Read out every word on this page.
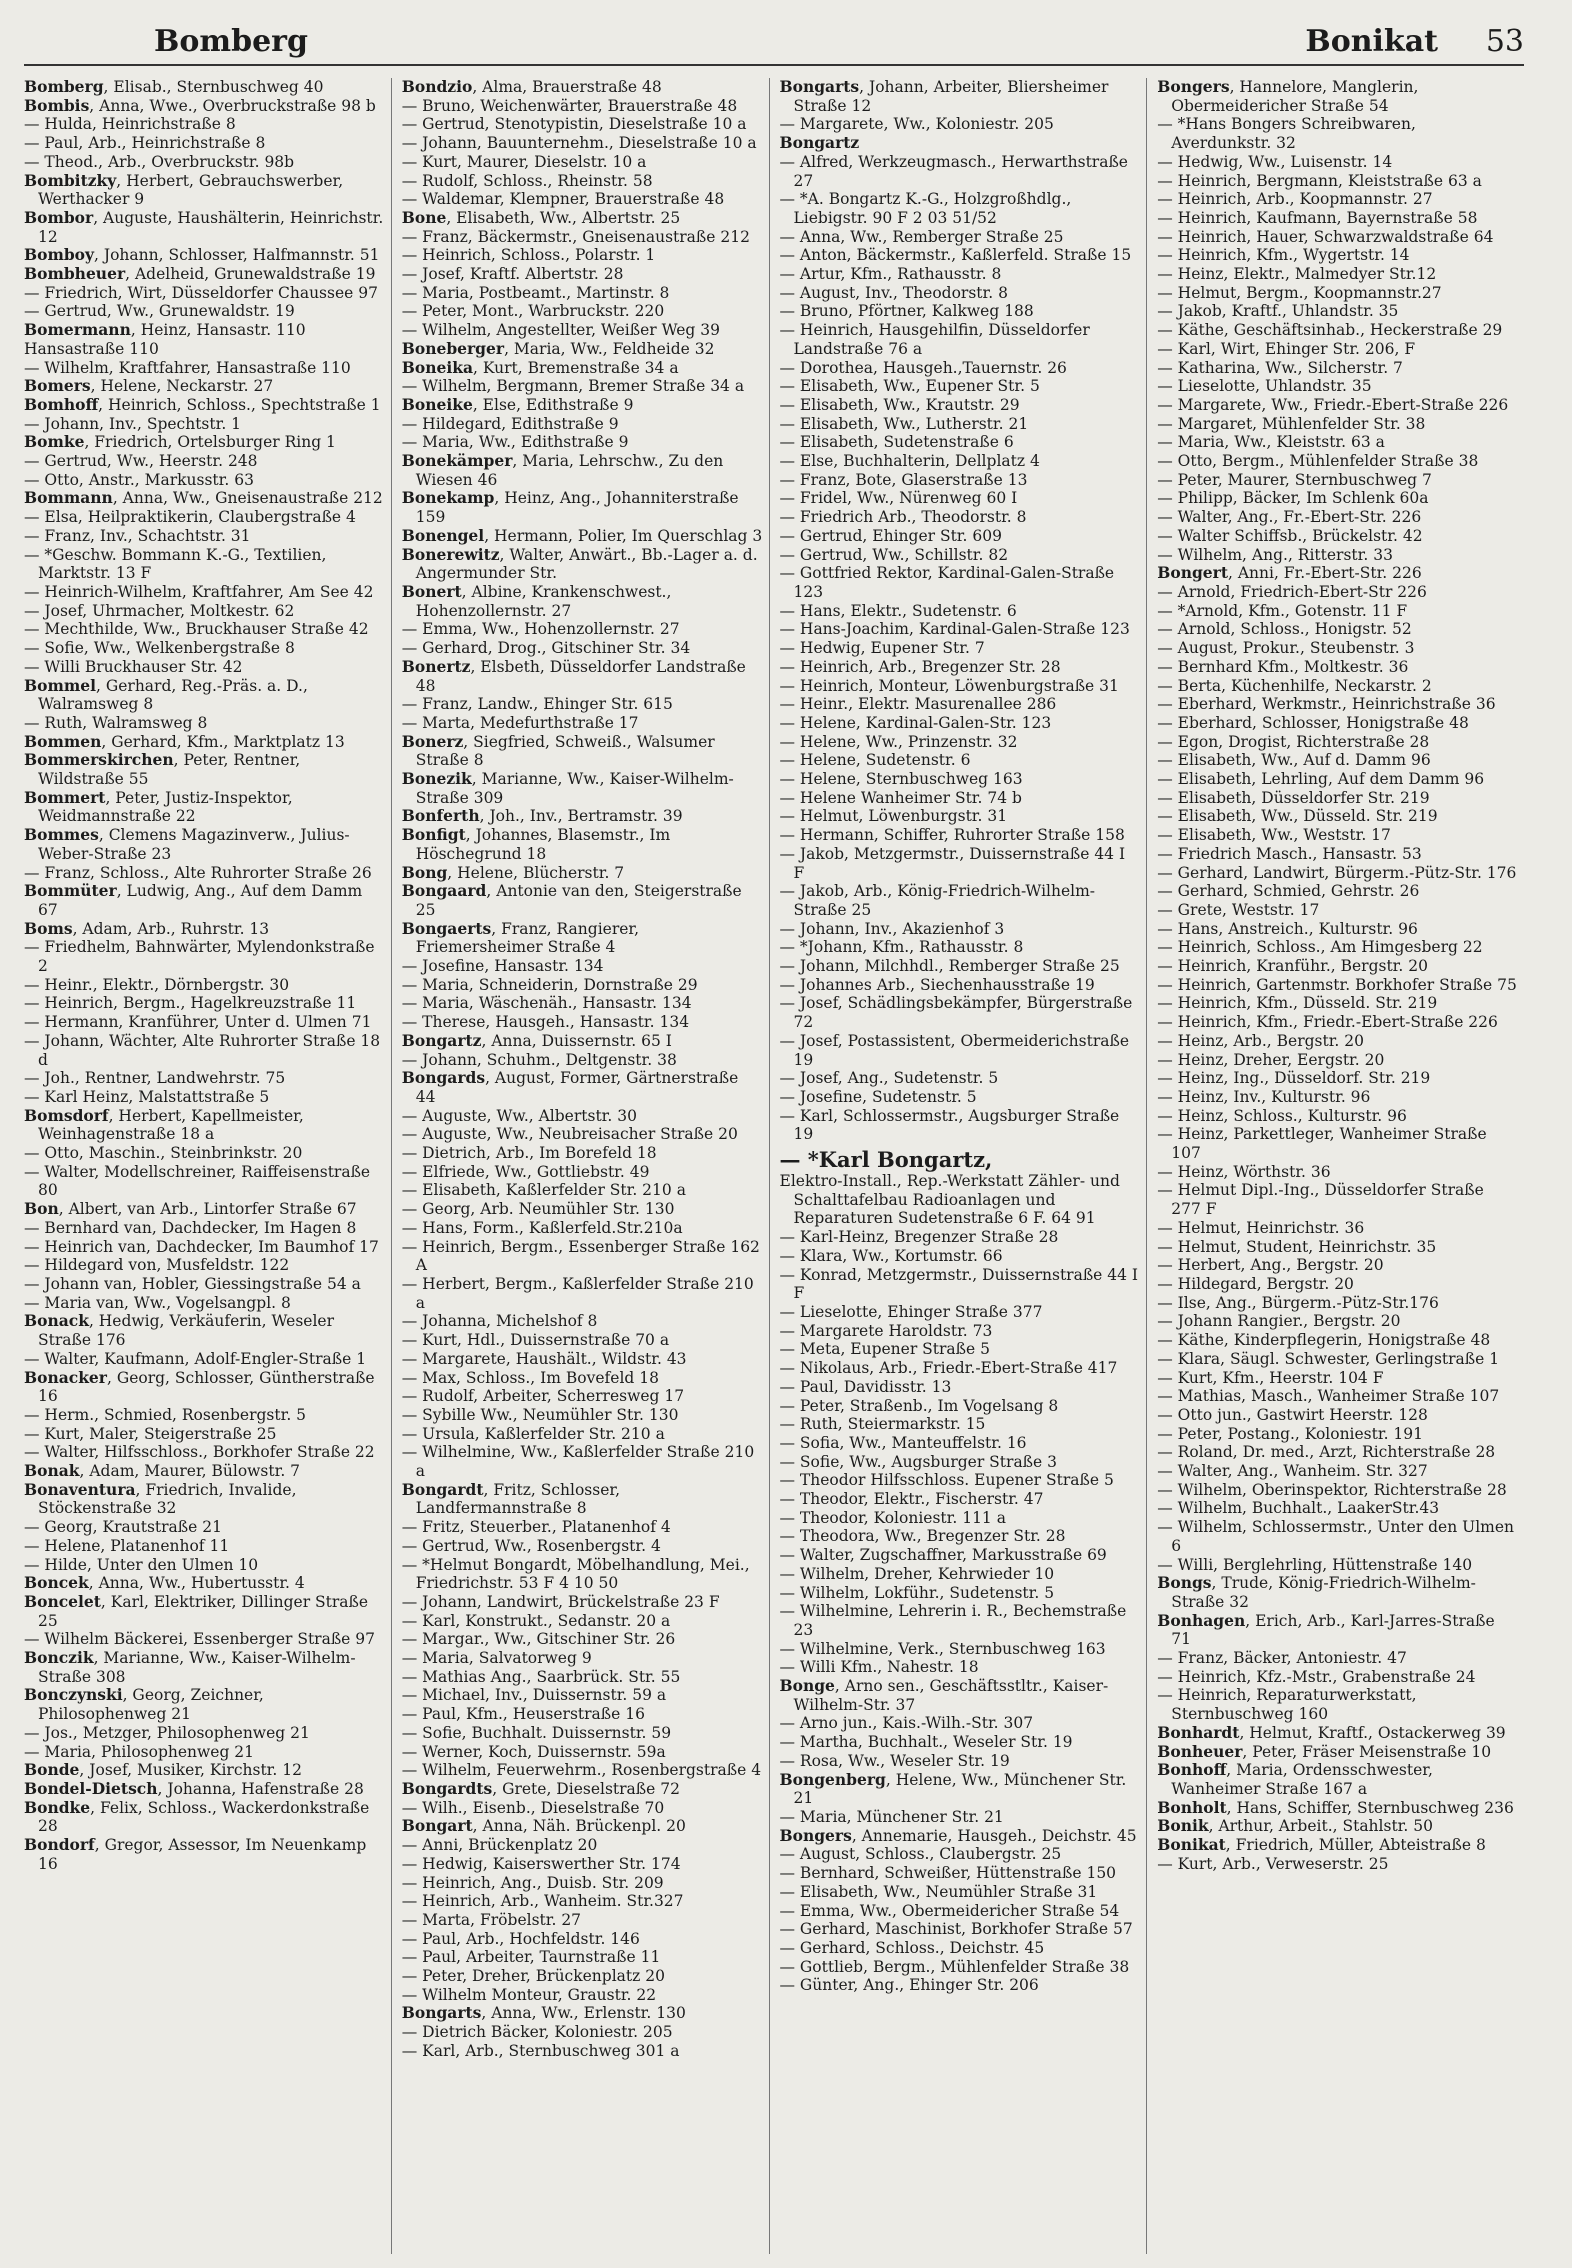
Bomberg	Bonikat 53

Bomberg, Elisab., Sternbuschweg 40

Bombis, Anna, Wwe., Overbruckstraße 98 b

— Hulda, Heinrichstraße 8

— Paul, Arb., Heinrichstraße 8

— Theod., Arb., Overbruckstr. 98b

Bombitzky, Herbert, Gebrauchswerber, Werthacker 9

Bombor, Auguste, Haushälterin, Heinrichstr. 12

Bomboy, Johann, Schlosser, Halfmannstr. 51

Bombheuer, Adelheid, Grunewaldstraße 19

— Friedrich, Wirt, Düsseldorfer Chaussee 97

— Gertrud, Ww., Grunewaldstr. 19

Bomermann, Heinz, Hansastr. 110

Hansastraße 110

— Wilhelm, Kraftfahrer, Hansastraße 110

Bomers, Helene, Neckarstr. 27

Bomhoff, Heinrich, Schloss., Spechtstraße 1

— Johann, Inv., Spechtstr. 1

Bomke, Friedrich, Ortelsburger Ring 1

— Gertrud, Ww., Heerstr. 248

— Otto, Anstr., Markusstr. 63

Bommann, Anna, Ww., Gneisenaustraße 212

— Elsa, Heilpraktikerin, Claubergstraße 4

— Franz, Inv., Schachtstr. 31

— *Geschw. Bommann K.-G., Textilien, Marktstr. 13 F

— Heinrich-Wilhelm, Kraftfahrer, Am See 42

— Josef, Uhrmacher, Moltkestr. 62

— Mechthilde, Ww., Bruckhauser Straße 42

— Sofie, Ww., Welkenbergstraße 8

— Willi Bruckhauser Str. 42

Bommel, Gerhard, Reg.-Präs. a. D., Walramsweg 8

— Ruth, Walramsweg 8

Bommen, Gerhard, Kfm., Marktplatz 13

Bommerskirchen, Peter, Rentner, Wildstraße 55

Bommert, Peter, Justiz-Inspektor, Weidmannstraße 22

Bommes, Clemens Magazinverw., Julius-Weber-Straße 23

— Franz, Schloss., Alte Ruhrorter Straße 26

Bommüter, Ludwig, Ang., Auf dem Damm 67

Boms, Adam, Arb., Ruhrstr. 13

— Friedhelm, Bahnwärter, Mylendonkstraße 2

— Heinr., Elektr., Dörnbergstr. 30

— Heinrich, Bergm., Hagelkreuzstraße 11

— Hermann, Kranführer, Unter d. Ulmen 71

— Johann, Wächter, Alte Ruhrorter Straße 18 d

— Joh., Rentner, Landwehrstr. 75

— Karl Heinz, Malstattstraße 5

Bomsdorf, Herbert, Kapellmeister, Weinhagenstraße 18 a

— Otto, Maschin., Steinbrinkstr. 20

— Walter, Modellschreiner, Raiffeisenstraße 80

Bon, Albert, van Arb., Lintorfer Straße 67

— Bernhard van, Dachdecker, Im Hagen 8

— Heinrich van, Dachdecker, Im Baumhof 17

— Hildegard von, Musfeldstr. 122

— Johann van, Hobler, Giessingstraße 54 a

— Maria van, Ww., Vogelsangpl. 8

Bonack, Hedwig, Verkäuferin, Weseler Straße 176

— Walter, Kaufmann, Adolf-Engler-Straße 1

Bonacker, Georg, Schlosser, Güntherstraße 16

— Herm., Schmied, Rosenbergstr. 5

— Kurt, Maler, Steigerstraße 25

— Walter, Hilfsschloss., Borkhofer Straße 22

Bonak, Adam, Maurer, Bülowstr. 7

Bonaventura, Friedrich, Invalide, Stöckenstraße 32

— Georg, Krautstraße 21

— Helene, Platanenhof 11

— Hilde, Unter den Ulmen 10

Boncek, Anna, Ww., Hubertusstr. 4

Boncelet, Karl, Elektriker, Dillinger Straße 25

— Wilhelm Bäckerei, Essenberger Straße 97

Bonczik, Marianne, Ww., Kaiser-Wilhelm-Straße 308

Bonczynski, Georg, Zeichner, Philosophenweg 21

— Jos., Metzger, Philosophenweg 21

— Maria, Philosophenweg 21

Bonde, Josef, Musiker, Kirchstr. 12

Bondel-Dietsch, Johanna, Hafenstraße 28

Bondke, Felix, Schloss., Wackerdonkstraße 28

Bondorf, Gregor, Assessor, Im Neuenkamp 16

Bondzio, Alma, Brauerstraße 48

— Bruno, Weichenwärter, Brauerstraße 48

— Gertrud, Stenotypistin, Dieselstraße 10 a

— Johann, Bauunternehm., Dieselstraße 10 a

— Kurt, Maurer, Dieselstr. 10 a

— Rudolf, Schloss., Rheinstr. 58

— Waldemar, Klempner, Brauerstraße 48

Bone, Elisabeth, Ww., Albertstr. 25

— Franz, Bäckermstr., Gneisenaustraße 212

— Heinrich, Schloss., Polarstr. 1

— Josef, Kraftf. Albertstr. 28

— Maria, Postbeamt., Martinstr. 8

— Peter, Mont., Warbruckstr. 220

— Wilhelm, Angestellter, Weißer Weg 39

Boneberger, Maria, Ww., Feldheide 32

Boneika, Kurt, Bremenstraße 34 a

— Wilhelm, Bergmann, Bremer Straße 34 a

Boneike, Else, Edithstraße 9

— Hildegard, Edithstraße 9

— Maria, Ww., Edithstraße 9

Bonekämper, Maria, Lehrschw., Zu den Wiesen 46

Bonekamp, Heinz, Ang., Johanniterstraße 159

Bonengel, Hermann, Polier, Im Querschlag 3

Bonerewitz, Walter, Anwärt., Bb.-Lager a. d. Angermunder Str.

Bonert, Albine, Krankenschwest., Hohenzollernstr. 27

— Emma, Ww., Hohenzollernstr. 27

— Gerhard, Drog., Gitschiner Str. 34

Bonertz, Elsbeth, Düsseldorfer Landstraße 48

— Franz, Landw., Ehinger Str. 615

— Marta, Medefurthstraße 17

Bonerz, Siegfried, Schweiß., Walsumer Straße 8

Bonezik, Marianne, Ww., Kaiser-Wilhelm-Straße 309

Bonferth, Joh., Inv., Bertramstr. 39

Bonfigt, Johannes, Blasemstr., Im Höschegrund 18

Bong, Helene, Blücherstr. 7

Bongaard, Antonie van den, Steigerstraße 25

Bongaerts, Franz, Rangierer, Friemersheimer Straße 4

— Josefine, Hansastr. 134

— Maria, Schneiderin, Dornstraße 29

— Maria, Wäschenäh., Hansastr. 134

— Therese, Hausgeh., Hansastr. 134

Bongartz, Anna, Duissernstr. 65 I

— Johann, Schuhm., Deltgenstr. 38

Bongards, August, Former, Gärtnerstraße 44

— Auguste, Ww., Albertstr. 30

— Auguste, Ww., Neubreisacher Straße 20

— Dietrich, Arb., Im Borefeld 18

— Elfriede, Ww., Gottliebstr. 49

— Elisabeth, Kaßlerfelder Str. 210 a

— Georg, Arb. Neumühler Str. 130

— Hans, Form., Kaßlerfeld.Str.210a

— Heinrich, Bergm., Essenberger Straße 162 A

— Herbert, Bergm., Kaßlerfelder Straße 210 a

— Johanna, Michelshof 8

— Kurt, Hdl., Duissernstraße 70 a

— Margarete, Haushält., Wildstr. 43

— Max, Schloss., Im Bovefeld 18

— Rudolf, Arbeiter, Scherresweg 17

— Sybille Ww., Neumühler Str. 130

— Ursula, Kaßlerfelder Str. 210 a

— Wilhelmine, Ww., Kaßlerfelder Straße 210 a

Bongardt, Fritz, Schlosser, Landfermannstraße 8

— Fritz, Steuerber., Platanenhof 4

— Gertrud, Ww., Rosenbergstr. 4

— *Helmut Bongardt, Möbelhandlung, Mei., Friedrichstr. 53 F 4 10 50

— Johann, Landwirt, Brückelstraße 23 F

— Karl, Konstrukt., Sedanstr. 20 a

— Margar., Ww., Gitschiner Str. 26

— Maria, Salvatorweg 9

— Mathias Ang., Saarbrück. Str. 55

— Michael, Inv., Duissernstr. 59 a

— Paul, Kfm., Heuserstraße 16

— Sofie, Buchhalt. Duissernstr. 59

— Werner, Koch, Duissernstr. 59a

— Wilhelm, Feuerwehrm., Rosenbergstraße 4

Bongardts, Grete, Dieselstraße 72

— Wilh., Eisenb., Dieselstraße 70

Bongart, Anna, Näh. Brückenpl. 20

— Anni, Brückenplatz 20

— Hedwig, Kaiserswerther Str. 174

— Heinrich, Ang., Duisb. Str. 209

— Heinrich, Arb., Wanheim. Str.327

— Marta, Fröbelstr. 27

— Paul, Arb., Hochfeldstr. 146

— Paul, Arbeiter, Taurnstraße 11

— Peter, Dreher, Brückenplatz 20

— Wilhelm Monteur, Graustr. 22

Bongarts, Anna, Ww., Erlenstr. 130

— Dietrich Bäcker, Koloniestr. 205

— Karl, Arb., Sternbuschweg 301 a

Bongarts, Johann, Arbeiter, Bliersheimer Straße 12

— Margarete, Ww., Koloniestr. 205

Bongartz

— Alfred, Werkzeugmasch., Herwarthstraße 27

— *A. Bongartz K.-G., Holzgroßhdlg., Liebigstr. 90 F 2 03 51/52

— Anna, Ww., Remberger Straße 25

— Anton, Bäckermstr., Kaßlerfeld. Straße 15

— Artur, Kfm., Rathausstr. 8

— August, Inv., Theodorstr. 8

— Bruno, Pförtner, Kalkweg 188

— Heinrich, Hausgehilfin, Düsseldorfer Landstraße 76 a

— Dorothea, Hausgeh.,Tauernstr. 26

— Elisabeth, Ww., Eupener Str. 5

— Elisabeth, Ww., Krautstr. 29

— Elisabeth, Ww., Lutherstr. 21

— Elisabeth, Sudetenstraße 6

— Else, Buchhalterin, Dellplatz 4

— Franz, Bote, Glaserstraße 13

— Fridel, Ww., Nürenweg 60 I

— Friedrich Arb., Theodorstr. 8

— Gertrud, Ehinger Str. 609

— Gertrud, Ww., Schillstr. 82

— Gottfried Rektor, Kardinal-Galen-Straße 123

— Hans, Elektr., Sudetenstr. 6

— Hans-Joachim, Kardinal-Galen-Straße 123

— Hedwig, Eupener Str. 7

— Heinrich, Arb., Bregenzer Str. 28

— Heinrich, Monteur, Löwenburgstraße 31

— Heinr., Elektr. Masurenallee 286

— Helene, Kardinal-Galen-Str. 123

— Helene, Ww., Prinzenstr. 32

— Helene, Sudetenstr. 6

— Helene, Sternbuschweg 163

— Helene Wanheimer Str. 74 b

— Helmut, Löwenburgstr. 31

— Hermann, Schiffer, Ruhrorter Straße 158

— Jakob, Metzgermstr., Duissernstraße 44 I F

— Jakob, Arb., König-Friedrich-Wilhelm-Straße 25

— Johann, Inv., Akazienhof 3

— *Johann, Kfm., Rathausstr. 8

— Johann, Milchhdl., Remberger Straße 25

— Johannes Arb., Siechenhausstraße 19

— Josef, Schädlingsbekämpfer, Bürgerstraße 72

— Josef, Postassistent, Obermeiderichstraße 19

— Josef, Ang., Sudetenstr. 5

— Josefine, Sudetenstr. 5

— Karl, Schlossermstr., Augsburger Straße 19

— *Karl Bongartz,

Elektro-Install., Rep.-Werkstatt Zähler- und Schalttafelbau Radioanlagen und Reparaturen Sudetenstraße 6 F. 64 91

— Karl-Heinz, Bregenzer Straße 28

— Klara, Ww., Kortumstr. 66

— Konrad, Metzgermstr., Duissernstraße 44 I F

— Lieselotte, Ehinger Straße 377

— Margarete Haroldstr. 73

— Meta, Eupener Straße 5

— Nikolaus, Arb., Friedr.-Ebert-Straße 417

— Paul, Davidisstr. 13

— Peter, Straßenb., Im Vogelsang 8

— Ruth, Steiermarkstr. 15

— Sofia, Ww., Manteuffelstr. 16

— Sofie, Ww., Augsburger Straße 3

— Theodor Hilfsschloss. Eupener Straße 5

— Theodor, Elektr., Fischerstr. 47

— Theodor, Koloniestr. 111 a

— Theodora, Ww., Bregenzer Str. 28

— Walter, Zugschaffner, Markusstraße 69

— Wilhelm, Dreher, Kehrwieder 10

— Wilhelm, Lokführ., Sudetenstr. 5

— Wilhelmine, Lehrerin i. R., Bechemstraße 23

— Wilhelmine, Verk., Sternbuschweg 163

— Willi Kfm., Nahestr. 18

Bonge, Arno sen., Geschäftsstltr., Kaiser-Wilhelm-Str. 37

— Arno jun., Kais.-Wilh.-Str. 307

— Martha, Buchhalt., Weseler Str. 19

— Rosa, Ww., Weseler Str. 19

Bongenberg, Helene, Ww., Münchener Str. 21

— Maria, Münchener Str. 21

Bongers, Annemarie, Hausgeh., Deichstr. 45

— August, Schloss., Claubergstr. 25

— Bernhard, Schweißer, Hüttenstraße 150

— Elisabeth, Ww., Neumühler Straße 31

— Emma, Ww., Obermeidericher Straße 54

— Gerhard, Maschinist, Borkhofer Straße 57

— Gerhard, Schloss., Deichstr. 45

— Gottlieb, Bergm., Mühlenfelder Straße 38

— Günter, Ang., Ehinger Str. 206

Bongers, Hannelore, Manglerin, Obermeidericher Straße 54

— *Hans Bongers Schreibwaren, Averdunkstr. 32

— Hedwig, Ww., Luisenstr. 14

— Heinrich, Bergmann, Kleiststraße 63 a

— Heinrich, Arb., Koopmannstr. 27

— Heinrich, Kaufmann, Bayernstraße 58

— Heinrich, Hauer, Schwarzwaldstraße 64

— Heinrich, Kfm., Wygertstr. 14

— Heinz, Elektr., Malmedyer Str.12

— Helmut, Bergm., Koopmannstr.27

— Jakob, Kraftf., Uhlandstr. 35

— Käthe, Geschäftsinhab., Heckerstraße 29

— Karl, Wirt, Ehinger Str. 206, F

— Katharina, Ww., Silcherstr. 7

— Lieselotte, Uhlandstr. 35

— Margarete, Ww., Friedr.-Ebert-Straße 226

— Margaret, Mühlenfelder Str. 38

— Maria, Ww., Kleiststr. 63 a

— Otto, Bergm., Mühlenfelder Straße 38

— Peter, Maurer, Sternbuschweg 7

— Philipp, Bäcker, Im Schlenk 60a

— Walter, Ang., Fr.-Ebert-Str. 226

— Walter Schiffsb., Brückelstr. 42

— Wilhelm, Ang., Ritterstr. 33

Bongert, Anni, Fr.-Ebert-Str. 226

— Arnold, Friedrich-Ebert-Str 226

— *Arnold, Kfm., Gotenstr. 11 F

— Arnold, Schloss., Honigstr. 52

— August, Prokur., Steubenstr. 3

— Bernhard Kfm., Moltkestr. 36

— Berta, Küchenhilfe, Neckarstr. 2

— Eberhard, Werkmstr., Heinrichstraße 36

— Eberhard, Schlosser, Honigstraße 48

— Egon, Drogist, Richterstraße 28

— Elisabeth, Ww., Auf d. Damm 96

— Elisabeth, Lehrling, Auf dem Damm 96

— Elisabeth, Düsseldorfer Str. 219

— Elisabeth, Ww., Düsseld. Str. 219

— Elisabeth, Ww., Weststr. 17

— Friedrich Masch., Hansastr. 53

— Gerhard, Landwirt, Bürgerm.-Pütz-Str. 176

— Gerhard, Schmied, Gehrstr. 26

— Grete, Weststr. 17

— Hans, Anstreich., Kulturstr. 96

— Heinrich, Schloss., Am Himgesberg 22

— Heinrich, Kranführ., Bergstr. 20

— Heinrich, Gartenmstr. Borkhofer Straße 75

— Heinrich, Kfm., Düsseld. Str. 219

— Heinrich, Kfm., Friedr.-Ebert-Straße 226

— Heinz, Arb., Bergstr. 20

— Heinz, Dreher, Eergstr. 20

— Heinz, Ing., Düsseldorf. Str. 219

— Heinz, Inv., Kulturstr. 96

— Heinz, Schloss., Kulturstr. 96

— Heinz, Parkettleger, Wanheimer Straße 107

— Heinz, Wörthstr. 36

— Helmut Dipl.-Ing., Düsseldorfer Straße 277 F

— Helmut, Heinrichstr. 36

— Helmut, Student, Heinrichstr. 35

— Herbert, Ang., Bergstr. 20

— Hildegard, Bergstr. 20

— Ilse, Ang., Bürgerm.-Pütz-Str.176

— Johann Rangier., Bergstr. 20

— Käthe, Kinderpflegerin, Honigstraße 48

— Klara, Säugl. Schwester, Gerlingstraße 1

— Kurt, Kfm., Heerstr. 104 F

— Mathias, Masch., Wanheimer Straße 107

— Otto jun., Gastwirt Heerstr. 128

— Peter, Postang., Koloniestr. 191

— Roland, Dr. med., Arzt, Richterstraße 28

— Walter, Ang., Wanheim. Str. 327

— Wilhelm, Oberinspektor, Richterstraße 28

— Wilhelm, Buchhalt., LaakerStr.43

— Wilhelm, Schlossermstr., Unter den Ulmen 6

— Willi, Berglehrling, Hüttenstraße 140

Bongs, Trude, König-Friedrich-Wilhelm-Straße 32

Bonhagen, Erich, Arb., Karl-Jarres-Straße 71

— Franz, Bäcker, Antoniestr. 47

— Heinrich, Kfz.-Mstr., Grabenstraße 24

— Heinrich, Reparaturwerkstatt, Sternbuschweg 160

Bonhardt, Helmut, Kraftf., Ostackerweg 39

Bonheuer, Peter, Fräser Meisenstraße 10

Bonhoff, Maria, Ordensschwester, Wanheimer Straße 167 a

Bonholt, Hans, Schiffer, Sternbuschweg 236

Bonik, Arthur, Arbeit., Stahlstr. 50

Bonikat, Friedrich, Müller, Abteistraße 8

— Kurt, Arb., Verweserstr. 25
